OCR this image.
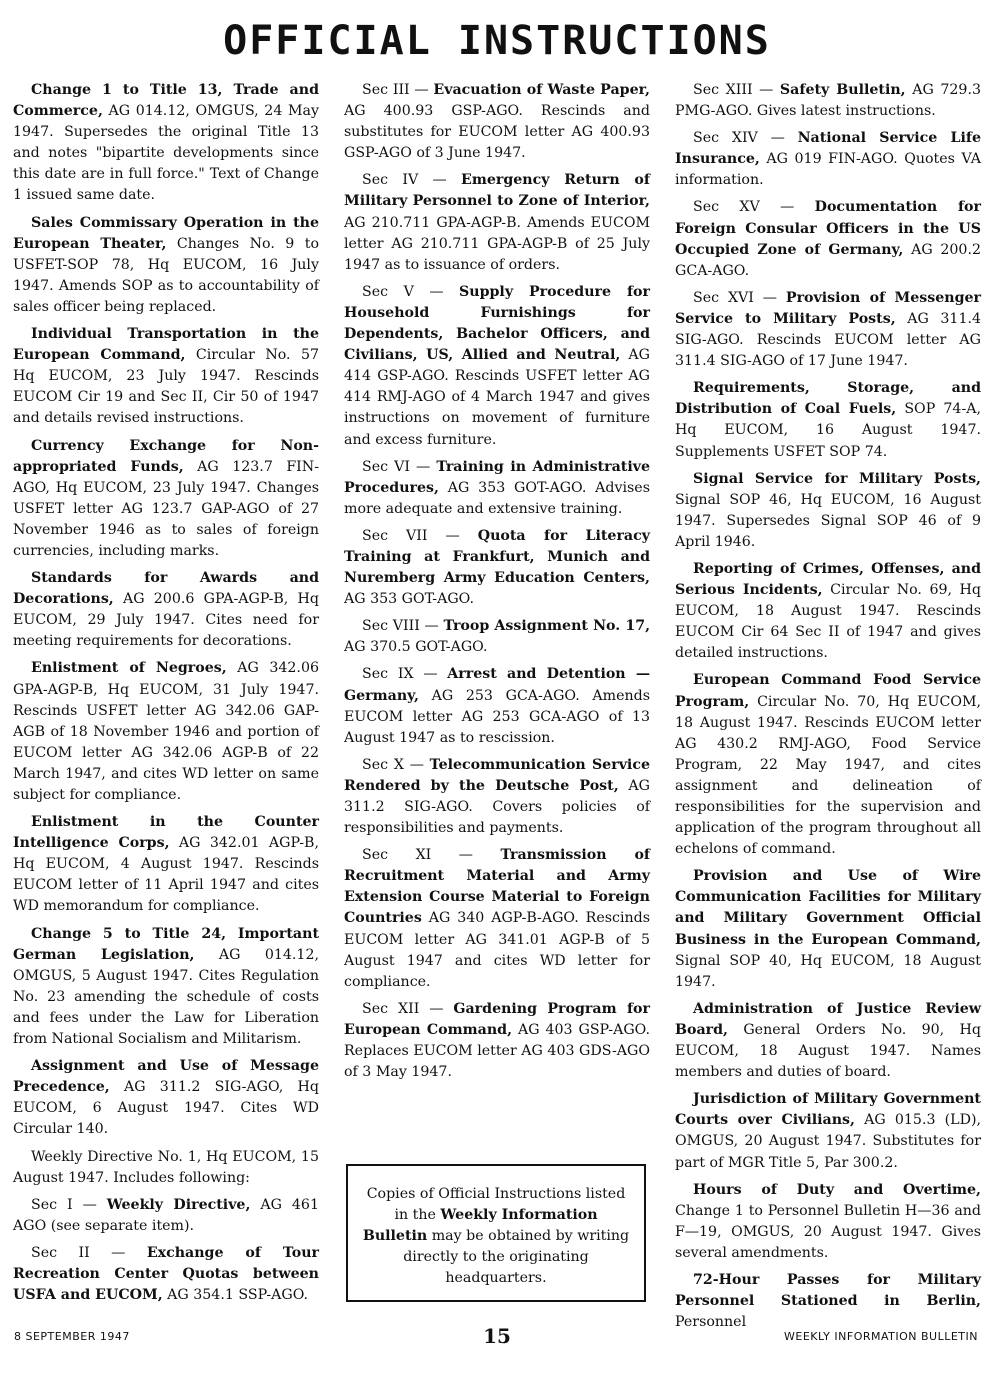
OFFICIAL INSTRUCTIONS

Change 1 to Title 13, Trade and Commerce, AG 014.12, OMGUS, 24 May 1947. Supersedes the original Title 13 and notes "bipartite developments since this date are in full force." Text of Change 1 issued same date.

Sales Commissary Operation in the European Theater, Changes No. 9 to USFET-SOP 78, Hq EUCOM, 16 July 1947. Amends SOP as to accountability of sales officer being replaced.

Individual Transportation in the European Command, Circular No. 57 Hq EUCOM, 23 July 1947. Rescinds EUCOM Cir 19 and Sec II, Cir 50 of 1947 and details revised instructions.

Currency Exchange for Non-appropriated Funds, AG 123.7 FIN-AGO, Hq EUCOM, 23 July 1947. Changes USFET letter AG 123.7 GAP-AGO of 27 November 1946 as to sales of foreign currencies, including marks.

Standards for Awards and Decorations, AG 200.6 GPA-AGP-B, Hq EUCOM, 29 July 1947. Cites need for meeting requirements for decorations.

Enlistment of Negroes, AG 342.06 GPA-AGP-B, Hq EUCOM, 31 July 1947. Rescinds USFET letter AG 342.06 GAP-AGB of 18 November 1946 and portion of EUCOM letter AG 342.06 AGP-B of 22 March 1947, and cites WD letter on same subject for compliance.

Enlistment in the Counter Intelligence Corps, AG 342.01 AGP-B, Hq EUCOM, 4 August 1947. Rescinds EUCOM letter of 11 April 1947 and cites WD memorandum for compliance.

Change 5 to Title 24, Important German Legislation, AG 014.12, OMGUS, 5 August 1947. Cites Regulation No. 23 amending the schedule of costs and fees under the Law for Liberation from National Socialism and Militarism.

Assignment and Use of Message Precedence, AG 311.2 SIG-AGO, Hq EUCOM, 6 August 1947. Cites WD Circular 140.

Weekly Directive No. 1, Hq EUCOM, 15 August 1947. Includes following:

Sec I — Weekly Directive, AG 461 AGO (see separate item).

Sec II — Exchange of Tour Recreation Center Quotas between USFA and EUCOM, AG 354.1 SSP-AGO.

Sec III — Evacuation of Waste Paper, AG 400.93 GSP-AGO. Rescinds and substitutes for EUCOM letter AG 400.93 GSP-AGO of 3 June 1947.

Sec IV — Emergency Return of Military Personnel to Zone of Interior, AG 210.711 GPA-AGP-B. Amends EUCOM letter AG 210.711 GPA-AGP-B of 25 July 1947 as to issuance of orders.

Sec V — Supply Procedure for Household Furnishings for Dependents, Bachelor Officers, and Civilians, US, Allied and Neutral, AG 414 GSP-AGO. Rescinds USFET letter AG 414 RMJ-AGO of 4 March 1947 and gives instructions on movement of furniture and excess furniture.

Sec VI — Training in Administrative Procedures, AG 353 GOT-AGO. Advises more adequate and extensive training.

Sec VII — Quota for Literacy Training at Frankfurt, Munich and Nuremberg Army Education Centers, AG 353 GOT-AGO.

Sec VIII — Troop Assignment No. 17, AG 370.5 GOT-AGO.

Sec IX — Arrest and Detention — Germany, AG 253 GCA-AGO. Amends EUCOM letter AG 253 GCA-AGO of 13 August 1947 as to rescission.

Sec X — Telecommunication Service Rendered by the Deutsche Post, AG 311.2 SIG-AGO. Covers policies of responsibilities and payments.

Sec XI — Transmission of Recruitment Material and Army Extension Course Material to Foreign Countries AG 340 AGP-B-AGO. Rescinds EUCOM letter AG 341.01 AGP-B of 5 August 1947 and cites WD letter for compliance.

Sec XII — Gardening Program for European Command, AG 403 GSP-AGO. Replaces EUCOM letter AG 403 GDS-AGO of 3 May 1947.

Sec XIII — Safety Bulletin, AG 729.3 PMG-AGO. Gives latest instructions.

Sec XIV — National Service Life Insurance, AG 019 FIN-AGO. Quotes VA information.

Sec XV — Documentation for Foreign Consular Officers in the US Occupied Zone of Germany, AG 200.2 GCA-AGO.

Sec XVI — Provision of Messenger Service to Military Posts, AG 311.4 SIG-AGO. Rescinds EUCOM letter AG 311.4 SIG-AGO of 17 June 1947.

Requirements, Storage, and Distribution of Coal Fuels, SOP 74-A, Hq EUCOM, 16 August 1947. Supplements USFET SOP 74.

Signal Service for Military Posts, Signal SOP 46, Hq EUCOM, 16 August 1947. Supersedes Signal SOP 46 of 9 April 1946.

Reporting of Crimes, Offenses, and Serious Incidents, Circular No. 69, Hq EUCOM, 18 August 1947. Rescinds EUCOM Cir 64 Sec II of 1947 and gives detailed instructions.

European Command Food Service Program, Circular No. 70, Hq EUCOM, 18 August 1947. Rescinds EUCOM letter AG 430.2 RMJ-AGO, Food Service Program, 22 May 1947, and cites assignment and delineation of responsibilities for the supervision and application of the program throughout all echelons of command.

Provision and Use of Wire Communication Facilities for Military and Military Government Official Business in the European Command, Signal SOP 40, Hq EUCOM, 18 August 1947.

Administration of Justice Review Board, General Orders No. 90, Hq EUCOM, 18 August 1947. Names members and duties of board.

Jurisdiction of Military Government Courts over Civilians, AG 015.3 (LD), OMGUS, 20 August 1947. Substitutes for part of MGR Title 5, Par 300.2.

Hours of Duty and Overtime, Change 1 to Personnel Bulletin H—36 and F—19, OMGUS, 20 August 1947. Gives several amendments.

72-Hour Passes for Military Personnel Stationed in Berlin, Personnel

Copies of Official Instructions listed in the Weekly Information Bulletin may be obtained by writing directly to the originating headquarters.
8 SEPTEMBER 1947	15	WEEKLY INFORMATION BULLETIN
